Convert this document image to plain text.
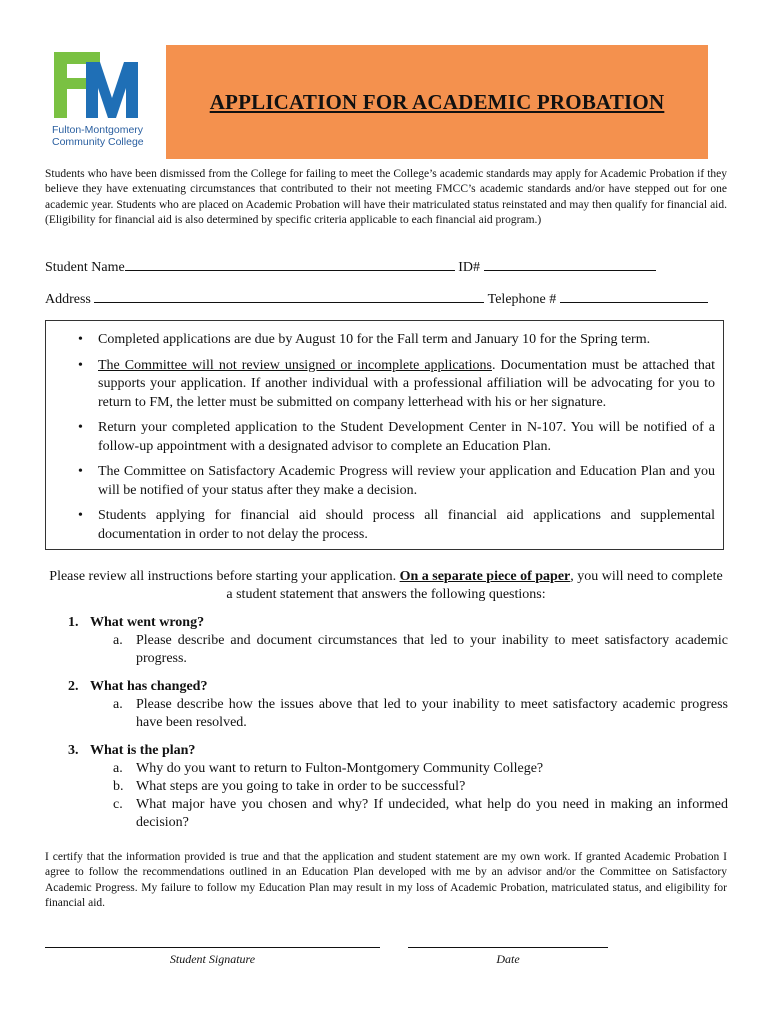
Fulton-Montgomery
Community College
APPLICATION FOR ACADEMIC PROBATION
Students who have been dismissed from the College for failing to meet the College’s academic standards may apply for Academic Probation if they believe they have extenuating circumstances that contributed to their not meeting FMCC’s academic standards and/or have stepped out for one academic year. Students who are placed on Academic Probation will have their matriculated status reinstated and may then qualify for financial aid. (Eligibility for financial aid is also determined by specific criteria applicable to each financial aid program.)
Student Name	ID#
Address	Telephone #
• Completed applications are due by August 10 for the Fall term and January 10 for the Spring term.
• The Committee will not review unsigned or incomplete applications. Documentation must be attached that supports your application. If another individual with a professional affiliation will be advocating for you to return to FM, the letter must be submitted on company letterhead with his or her signature.
• Return your completed application to the Student Development Center in N-107. You will be notified of a follow-up appointment with a designated advisor to complete an Education Plan.
• The Committee on Satisfactory Academic Progress will review your application and Education Plan and you will be notified of your status after they make a decision.
• Students applying for financial aid should process all financial aid applications and supplemental documentation in order to not delay the process.
Please review all instructions before starting your application. On a separate piece of paper, you will need to complete a student statement that answers the following questions:
1. What went wrong?
a. Please describe and document circumstances that led to your inability to meet satisfactory academic progress.
2. What has changed?
a. Please describe how the issues above that led to your inability to meet satisfactory academic progress have been resolved.
3. What is the plan?
a. Why do you want to return to Fulton-Montgomery Community College?
b. What steps are you going to take in order to be successful?
c. What major have you chosen and why? If undecided, what help do you need in making an informed decision?
I certify that the information provided is true and that the application and student statement are my own work. If granted Academic Probation I agree to follow the recommendations outlined in an Education Plan developed with me by an advisor and/or the Committee on Satisfactory Academic Progress. My failure to follow my Education Plan may result in my loss of Academic Probation, matriculated status, and eligibility for financial aid.
Student Signature	Date
